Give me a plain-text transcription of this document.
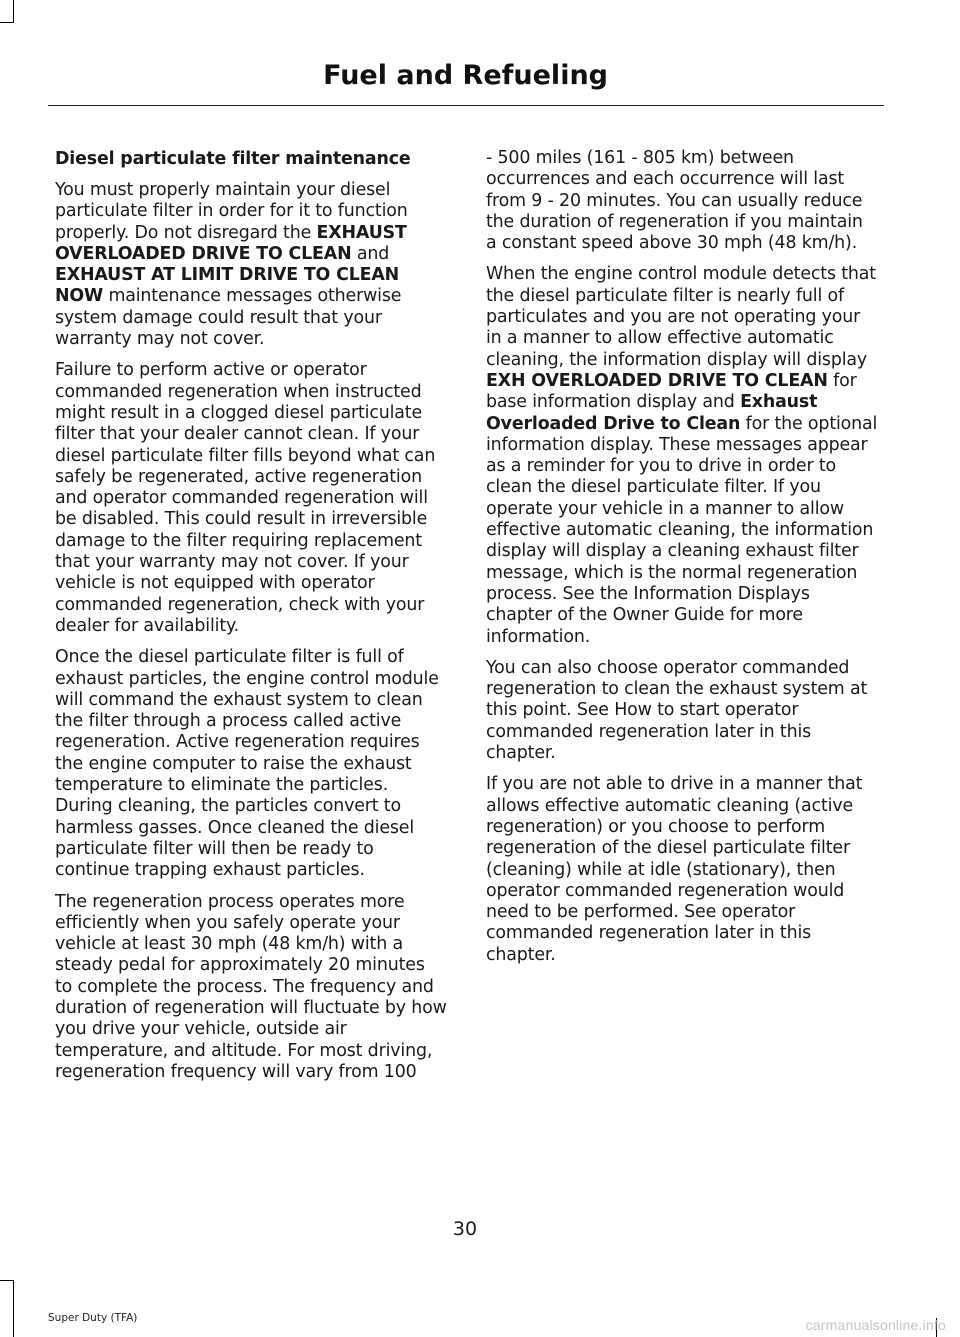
Fuel and Refueling
Diesel particulate filter maintenance

You must properly maintain your diesel particulate filter in order for it to function properly. Do not disregard the EXHAUST OVERLOADED DRIVE TO CLEAN and EXHAUST AT LIMIT DRIVE TO CLEAN NOW maintenance messages otherwise system damage could result that your warranty may not cover.

Failure to perform active or operator commanded regeneration when instructed might result in a clogged diesel particulate filter that your dealer cannot clean. If your diesel particulate filter fills beyond what can safely be regenerated, active regeneration and operator commanded regeneration will be disabled. This could result in irreversible damage to the filter requiring replacement that your warranty may not cover. If your vehicle is not equipped with operator commanded regeneration, check with your dealer for availability.

Once the diesel particulate filter is full of exhaust particles, the engine control module will command the exhaust system to clean the filter through a process called active regeneration. Active regeneration requires the engine computer to raise the exhaust temperature to eliminate the particles. During cleaning, the particles convert to harmless gasses. Once cleaned the diesel particulate filter will then be ready to continue trapping exhaust particles.

The regeneration process operates more efficiently when you safely operate your vehicle at least 30 mph (48 km/h) with a steady pedal for approximately 20 minutes to complete the process. The frequency and duration of regeneration will fluctuate by how you drive your vehicle, outside air temperature, and altitude. For most driving, regeneration frequency will vary from 100

- 500 miles (161 - 805 km) between occurrences and each occurrence will last from 9 - 20 minutes. You can usually reduce the duration of regeneration if you maintain a constant speed above 30 mph (48 km/h).

When the engine control module detects that the diesel particulate filter is nearly full of particulates and you are not operating your in a manner to allow effective automatic cleaning, the information display will display EXH OVERLOADED DRIVE TO CLEAN for base information display and Exhaust Overloaded Drive to Clean for the optional information display. These messages appear as a reminder for you to drive in order to clean the diesel particulate filter. If you operate your vehicle in a manner to allow effective automatic cleaning, the information display will display a cleaning exhaust filter message, which is the normal regeneration process. See the Information Displays chapter of the Owner Guide for more information.

You can also choose operator commanded regeneration to clean the exhaust system at this point. See How to start operator commanded regeneration later in this chapter.

If you are not able to drive in a manner that allows effective automatic cleaning (active regeneration) or you choose to perform regeneration of the diesel particulate filter (cleaning) while at idle (stationary), then operator commanded regeneration would need to be performed. See operator commanded regeneration later in this chapter.

30
Super Duty (TFA)	carmanualsonline.info
